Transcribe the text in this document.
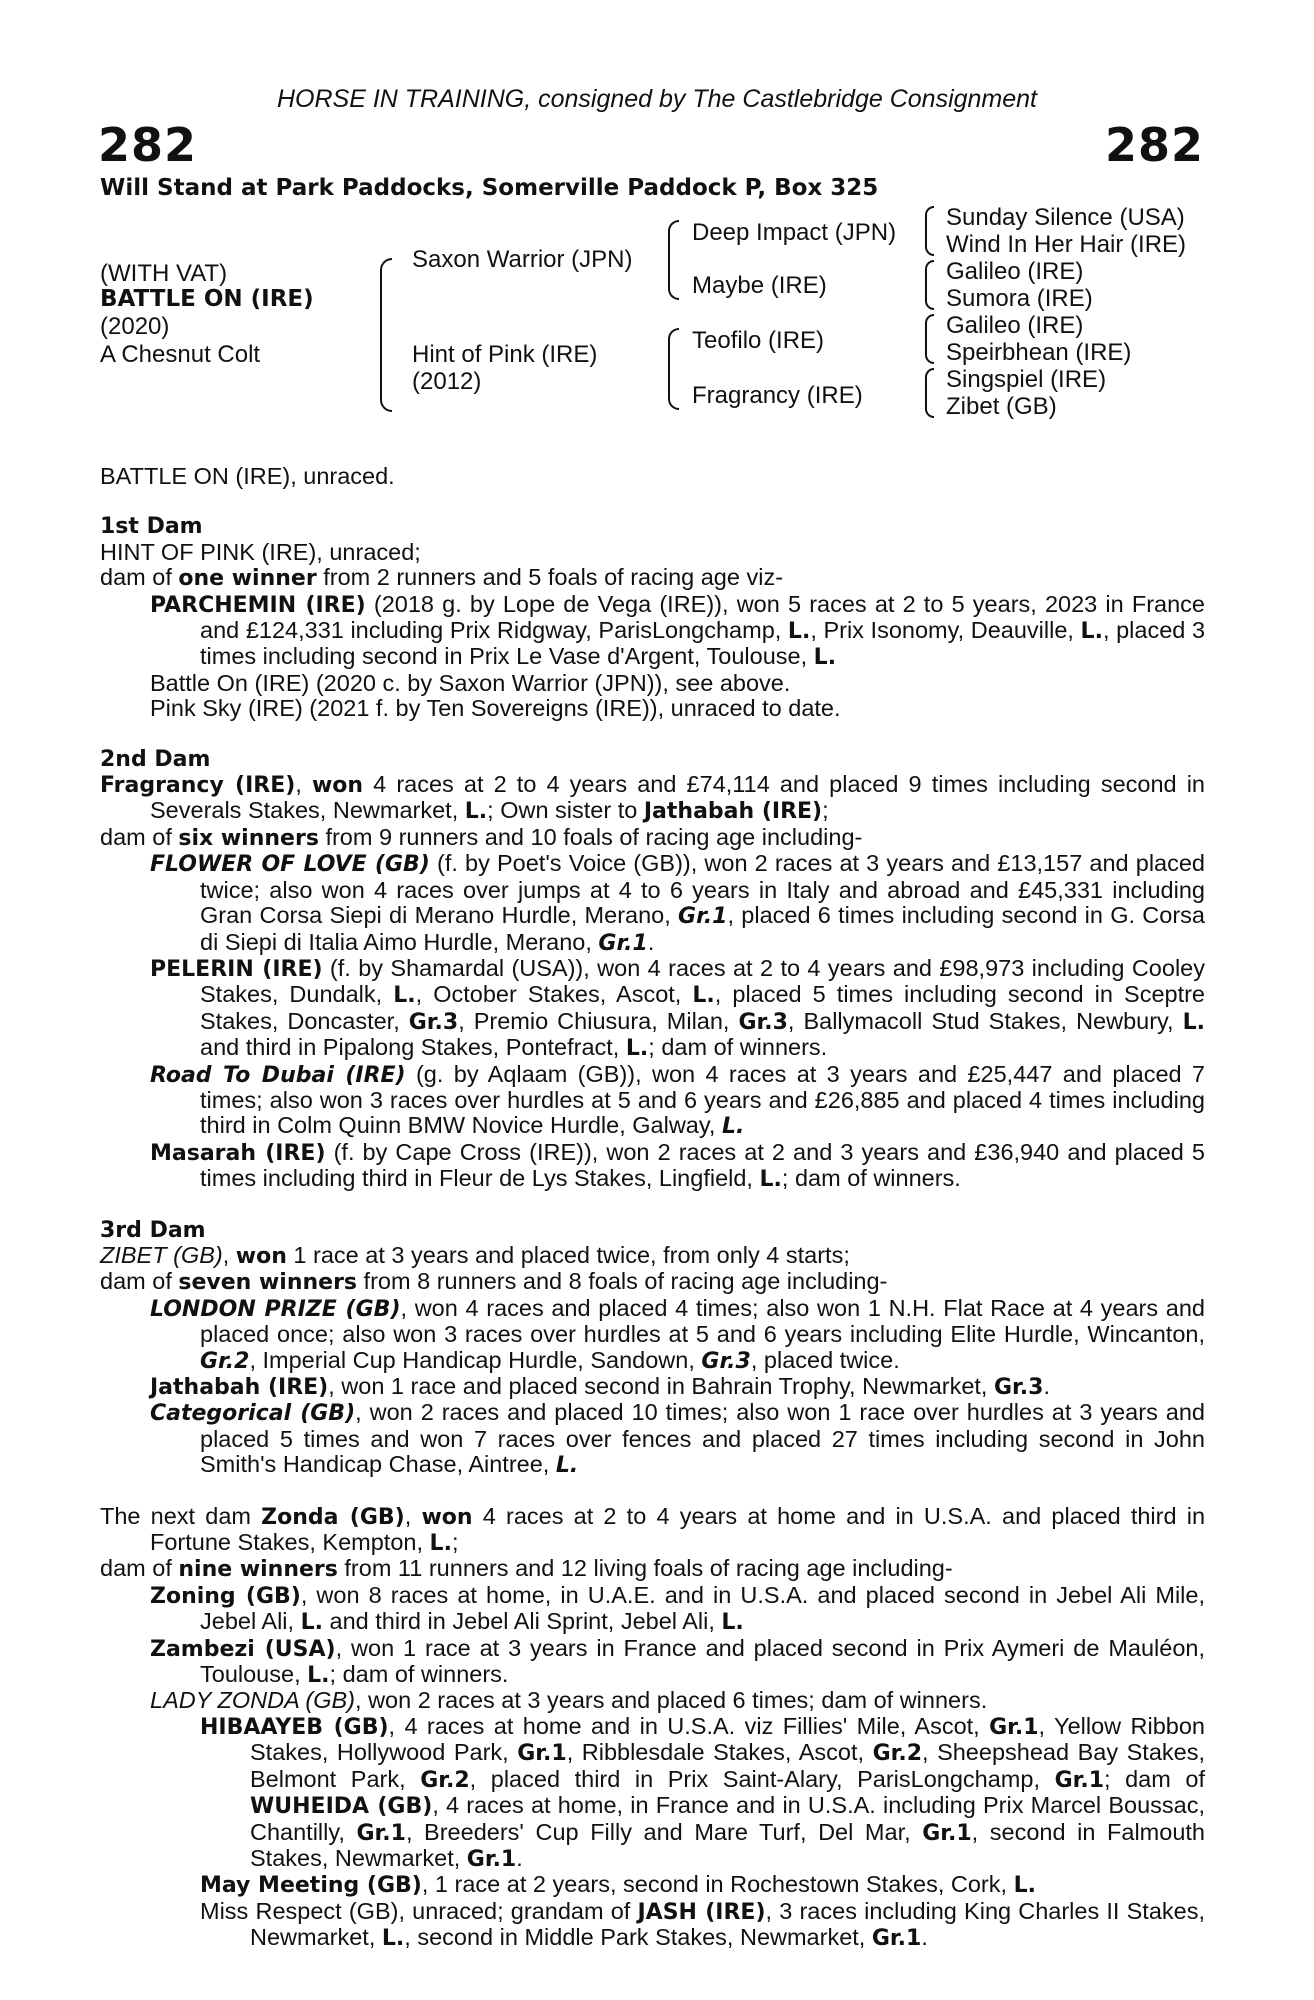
HORSE IN TRAINING, consigned by The Castlebridge Consignment
282	282
Will Stand at Park Paddocks, Somerville Paddock P, Box 325
(WITH VAT)
BATTLE ON (IRE)
(2020)
A Chesnut Colt
Saxon Warrior (JPN)
Hint of Pink (IRE)
(2012)
Deep Impact (JPN)
Maybe (IRE)
Teofilo (IRE)
Fragrancy (IRE)
Sunday Silence (USA)
Wind In Her Hair (IRE)
Galileo (IRE)
Sumora (IRE)
Galileo (IRE)
Speirbhean (IRE)
Singspiel (IRE)
Zibet (GB)

BATTLE ON (IRE), unraced.

1st Dam

HINT OF PINK (IRE), unraced;

dam of one winner from 2 runners and 5 foals of racing age viz-

PARCHEMIN (IRE) (2018 g. by Lope de Vega (IRE)), won 5 races at 2 to 5 years, 2023 in France and £124,331 including Prix Ridgway, ParisLongchamp, L., Prix Isonomy, Deauville, L., placed 3 times including second in Prix Le Vase d'Argent, Toulouse, L.

Battle On (IRE) (2020 c. by Saxon Warrior (JPN)), see above.

Pink Sky (IRE) (2021 f. by Ten Sovereigns (IRE)), unraced to date.

2nd Dam

Fragrancy (IRE), won 4 races at 2 to 4 years and £74,114 and placed 9 times including second in Severals Stakes, Newmarket, L.; Own sister to Jathabah (IRE);

dam of six winners from 9 runners and 10 foals of racing age including-

FLOWER OF LOVE (GB) (f. by Poet's Voice (GB)), won 2 races at 3 years and £13,157 and placed twice; also won 4 races over jumps at 4 to 6 years in Italy and abroad and £45,331 including Gran Corsa Siepi di Merano Hurdle, Merano, Gr.1, placed 6 times including second in G. Corsa di Siepi di Italia Aimo Hurdle, Merano, Gr.1.

PELERIN (IRE) (f. by Shamardal (USA)), won 4 races at 2 to 4 years and £98,973 including Cooley Stakes, Dundalk, L., October Stakes, Ascot, L., placed 5 times including second in Sceptre Stakes, Doncaster, Gr.3, Premio Chiusura, Milan, Gr.3, Ballymacoll Stud Stakes, Newbury, L. and third in Pipalong Stakes, Pontefract, L.; dam of winners.

Road To Dubai (IRE) (g. by Aqlaam (GB)), won 4 races at 3 years and £25,447 and placed 7 times; also won 3 races over hurdles at 5 and 6 years and £26,885 and placed 4 times including third in Colm Quinn BMW Novice Hurdle, Galway, L.

Masarah (IRE) (f. by Cape Cross (IRE)), won 2 races at 2 and 3 years and £36,940 and placed 5 times including third in Fleur de Lys Stakes, Lingfield, L.; dam of winners.

3rd Dam

ZIBET (GB), won 1 race at 3 years and placed twice, from only 4 starts;

dam of seven winners from 8 runners and 8 foals of racing age including-

LONDON PRIZE (GB), won 4 races and placed 4 times; also won 1 N.H. Flat Race at 4 years and placed once; also won 3 races over hurdles at 5 and 6 years including Elite Hurdle, Wincanton, Gr.2, Imperial Cup Handicap Hurdle, Sandown, Gr.3, placed twice.

Jathabah (IRE), won 1 race and placed second in Bahrain Trophy, Newmarket, Gr.3.

Categorical (GB), won 2 races and placed 10 times; also won 1 race over hurdles at 3 years and placed 5 times and won 7 races over fences and placed 27 times including second in John Smith's Handicap Chase, Aintree, L.

The next dam Zonda (GB), won 4 races at 2 to 4 years at home and in U.S.A. and placed third in Fortune Stakes, Kempton, L.;

dam of nine winners from 11 runners and 12 living foals of racing age including-

Zoning (GB), won 8 races at home, in U.A.E. and in U.S.A. and placed second in Jebel Ali Mile, Jebel Ali, L. and third in Jebel Ali Sprint, Jebel Ali, L.

Zambezi (USA), won 1 race at 3 years in France and placed second in Prix Aymeri de Mauléon, Toulouse, L.; dam of winners.

LADY ZONDA (GB), won 2 races at 3 years and placed 6 times; dam of winners.

HIBAAYEB (GB), 4 races at home and in U.S.A. viz Fillies' Mile, Ascot, Gr.1, Yellow Ribbon Stakes, Hollywood Park, Gr.1, Ribblesdale Stakes, Ascot, Gr.2, Sheepshead Bay Stakes, Belmont Park, Gr.2, placed third in Prix Saint-Alary, ParisLongchamp, Gr.1; dam of WUHEIDA (GB), 4 races at home, in France and in U.S.A. including Prix Marcel Boussac, Chantilly, Gr.1, Breeders' Cup Filly and Mare Turf, Del Mar, Gr.1, second in Falmouth Stakes, Newmarket, Gr.1.

May Meeting (GB), 1 race at 2 years, second in Rochestown Stakes, Cork, L.

Miss Respect (GB), unraced; grandam of JASH (IRE), 3 races including King Charles II Stakes, Newmarket, L., second in Middle Park Stakes, Newmarket, Gr.1.
